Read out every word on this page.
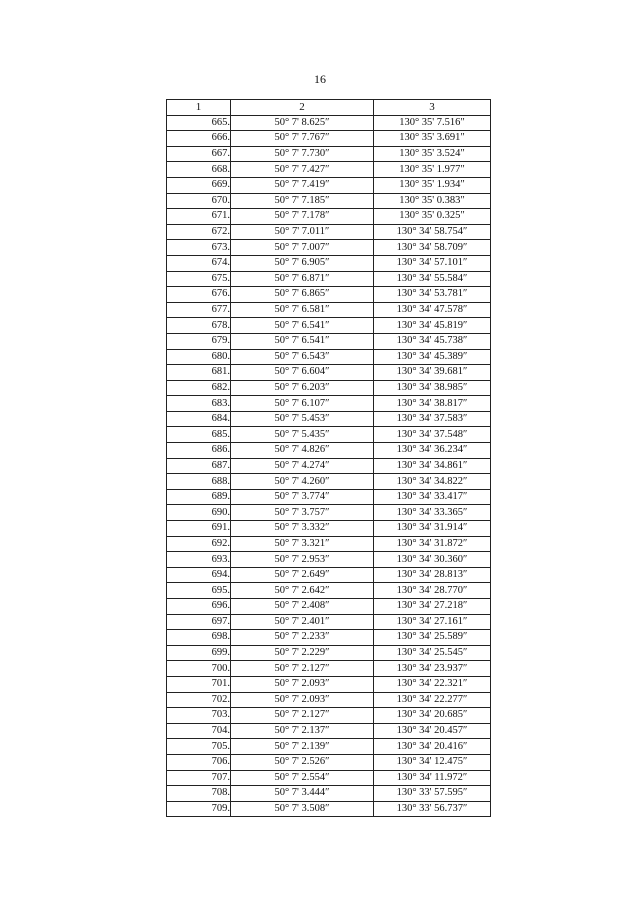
16
1	2	3
665.	50° 7' 8.625″	130° 35' 7.516″
666.	50° 7' 7.767″	130° 35' 3.691″
667.	50° 7' 7.730″	130° 35' 3.524″
668.	50° 7' 7.427″	130° 35' 1.977″
669.	50° 7' 7.419″	130° 35' 1.934″
670.	50° 7' 7.185″	130° 35' 0.383″
671.	50° 7' 7.178″	130° 35' 0.325″
672.	50° 7' 7.011″	130° 34' 58.754″
673.	50° 7' 7.007″	130° 34' 58.709″
674.	50° 7' 6.905″	130° 34' 57.101″
675.	50° 7' 6.871″	130° 34' 55.584″
676.	50° 7' 6.865″	130° 34' 53.781″
677.	50° 7' 6.581″	130° 34' 47.578″
678.	50° 7' 6.541″	130° 34' 45.819″
679.	50° 7' 6.541″	130° 34' 45.738″
680.	50° 7' 6.543″	130° 34' 45.389″
681.	50° 7' 6.604″	130° 34' 39.681″
682.	50° 7' 6.203″	130° 34' 38.985″
683.	50° 7' 6.107″	130° 34' 38.817″
684.	50° 7' 5.453″	130° 34' 37.583″
685.	50° 7' 5.435″	130° 34' 37.548″
686.	50° 7' 4.826″	130° 34' 36.234″
687.	50° 7' 4.274″	130° 34' 34.861″
688.	50° 7' 4.260″	130° 34' 34.822″
689.	50° 7' 3.774″	130° 34' 33.417″
690.	50° 7' 3.757″	130° 34' 33.365″
691.	50° 7' 3.332″	130° 34' 31.914″
692.	50° 7' 3.321″	130° 34' 31.872″
693.	50° 7' 2.953″	130° 34' 30.360″
694.	50° 7' 2.649″	130° 34' 28.813″
695.	50° 7' 2.642″	130° 34' 28.770″
696.	50° 7' 2.408″	130° 34' 27.218″
697.	50° 7' 2.401″	130° 34' 27.161″
698.	50° 7' 2.233″	130° 34' 25.589″
699.	50° 7' 2.229″	130° 34' 25.545″
700.	50° 7' 2.127″	130° 34' 23.937″
701.	50° 7' 2.093″	130° 34' 22.321″
702.	50° 7' 2.093″	130° 34' 22.277″
703.	50° 7' 2.127″	130° 34' 20.685″
704.	50° 7' 2.137″	130° 34' 20.457″
705.	50° 7' 2.139″	130° 34' 20.416″
706.	50° 7' 2.526″	130° 34' 12.475″
707.	50° 7' 2.554″	130° 34' 11.972″
708.	50° 7' 3.444″	130° 33' 57.595″
709.	50° 7' 3.508″	130° 33' 56.737″
